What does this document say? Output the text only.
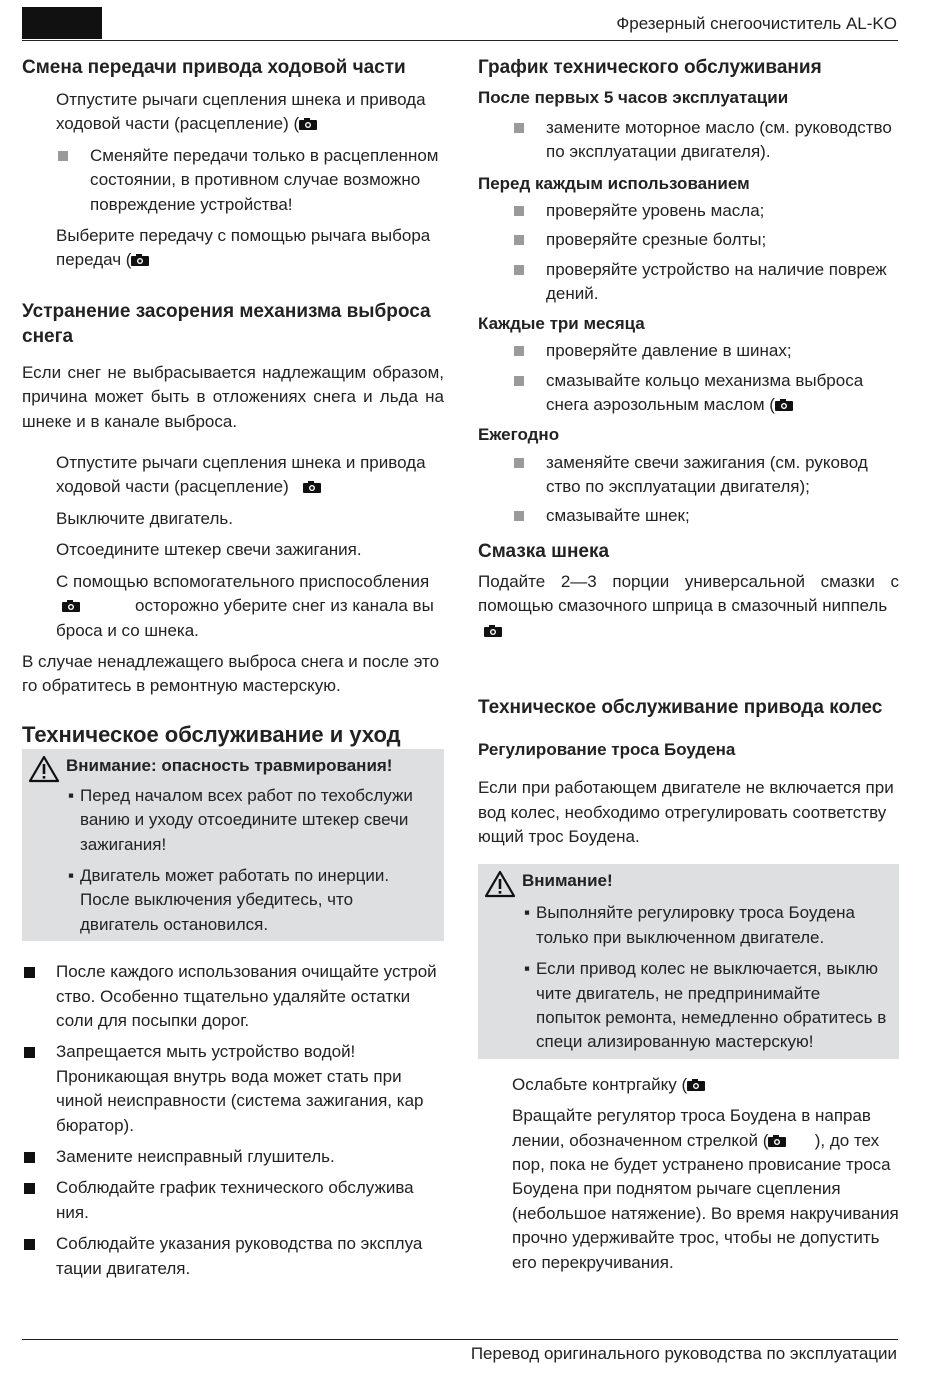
Фрезерный снегоочиститель AL-KO
Смена передачи привода ходовой части

Отпустите рычаги сцепления шнека и привода ходовой части (расцепление) (

Сменяйте передачи только в расцепленном состоянии, в противном случае возможно повреждение устройства!

Выберите передачу с помощью рычага выбора передач (

Устранение засорения механизма выброса снега

Если снег не выбрасывается надлежащим образом, причина может быть в отложениях снега и льда на шнеке и в канале выброса.

Отпустите рычаги сцепления шнека и привода ходовой части (расцепление)

Выключите двигатель.

Отсоедините штекер свечи зажигания.

С помощью вспомогательного приспособления

осторожно уберите снег из канала вы броса и со шнека.

В случае ненадлежащего выброса снега и после это го обратитесь в ремонтную мастерскую.

Техническое обслуживание и уход
Внимание: опасность травмирования!
▪ Перед началом всех работ по техобслужи ванию и уходу отсоедините штекер свечи зажигания!
▪ Двигатель может работать по инерции. После выключения убедитесь, что двигатель остановился.
После каждого использования очищайте устрой ство. Особенно тщательно удаляйте остатки соли для посыпки дорог.
Запрещается мыть устройство водой! Проникающая внутрь вода может стать при чиной неисправности (система зажигания, кар бюратор).
Замените неисправный глушитель.
Соблюдайте график технического обслужива ния.
Соблюдайте указания руководства по эксплуа тации двигателя.
График технического обслуживания
После первых 5 часов эксплуатации
замените моторное масло (см. руководство по эксплуатации двигателя).
Перед каждым использованием
проверяйте уровень масла;
проверяйте срезные болты;
проверяйте устройство на наличие повреж дений.
Каждые три месяца
проверяйте давление в шинах;
смазывайте кольцо механизма выброса снега аэрозольным маслом (
Ежегодно
заменяйте свечи зажигания (см. руковод ство по эксплуатации двигателя);
смазывайте шнек;
Смазка шнека

Подайте 2—3 порции универсальной смазки с помощью смазочного шприца в смазочный ниппель

Техническое обслуживание привода колес
Регулирование троса Боудена

Если при работающем двигателе не включается при вод колес, необходимо отрегулировать соответству ющий трос Боудена.

Внимание!
▪ Выполняйте регулировку троса Боудена только при выключенном двигателе.
▪ Если привод колес не выключается, выклю чите двигатель, не предпринимайте попыток ремонта, немедленно обратитесь в специ ализированную мастерскую!

Ослабьте контргайку (

Вращайте регулятор троса Боудена в направ лении, обозначенном стрелкой (	), до тех пор, пока не будет устранено провисание троса Боудена при поднятом рычаге сцепления (небольшое натяжение). Во время накручивания прочно удерживайте трос, чтобы не допустить его перекручивания.

Перевод оригинального руководства по эксплуатации
